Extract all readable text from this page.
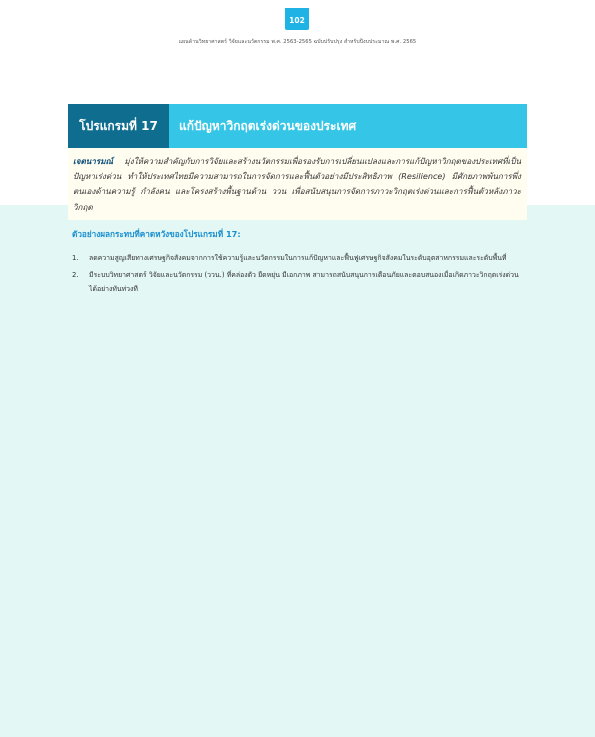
102
แผนด้านวิทยาศาสตร์ วิจัยและนวัตกรรม พ.ศ. 2563-2565 ฉบับปรับปรุง สำหรับปีงบประมาณ พ.ศ. 2565
โปรแกรมที่ 17	แก้ปัญหาวิกฤตเร่งด่วนของประเทศ
เจตนารมณ์ มุ่งให้ความสำคัญกับการวิจัยและสร้างนวัตกรรมเพื่อรองรับการเปลี่ยนแปลงและการแก้ปัญหาวิกฤตของประเทศที่เป็นปัญหาเร่งด่วน ทำให้ประเทศไทยมีความสามารถในการจัดการและฟื้นตัวอย่างมีประสิทธิภาพ (Resilience) มีศักยภาพพ้นการพึ่งตนเองด้านความรู้ กำลังคน และโครงสร้างพื้นฐานด้าน ววน เพื่อสนับสนุนการจัดการภาวะวิกฤตเร่งด่วนและการฟื้นตัวหลังภาวะวิกฤต
ตัวอย่างผลกระทบที่คาดหวังของโปรแกรมที่ 17:
1.	ลดความสูญเสียทางเศรษฐกิจสังคมจากการใช้ความรู้และนวัตกรรมในการแก้ปัญหาและฟื้นฟูเศรษฐกิจสังคมในระดับอุตสาหกรรมและระดับพื้นที่
2.	มีระบบวิทยาศาสตร์ วิจัยและนวัตกรรม (ววน.) ที่คล่องตัว ยืดหยุ่น มีเอกภาพ สามารถสนับสนุนการเตือนภัยและตอบสนองเมื่อเกิดภาวะวิกฤตเร่งด่วนได้อย่างทันท่วงที
